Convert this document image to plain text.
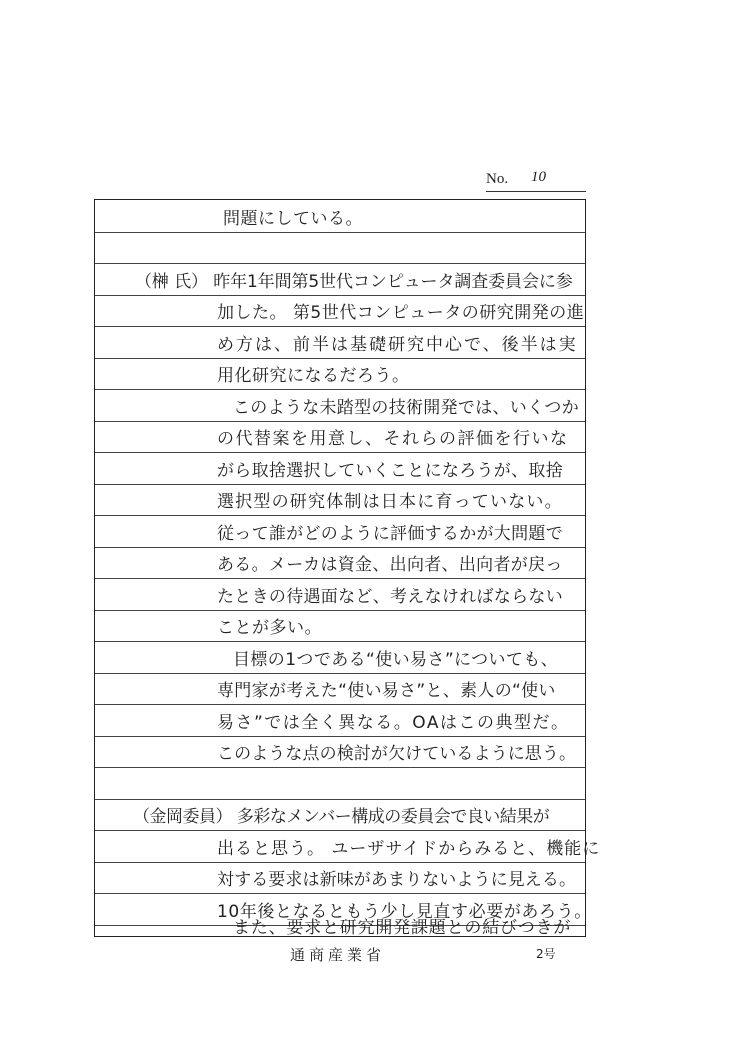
No. 10
問題にしている。
（榊 氏） 昨年1年間第5世代コンピュータ調査委員会に参
加した。 第5世代コンピュータの研究開発の進
め方は、前半は基礎研究中心で、後半は実
用化研究になるだろう。
このような未踏型の技術開発では、いくつか
の代替案を用意し、それらの評価を行いな
がら取捨選択していくことになろうが、取捨
選択型の研究体制は日本に育っていない。
従って誰がどのように評価するかが大問題で
ある。メーカは資金、出向者、出向者が戻っ
たときの待遇面など、考えなければならない
ことが多い。
目標の1つである“使い易さ”についても、
専門家が考えた“使い易さ”と、素人の“使い
易さ”では全く異なる。OAはこの典型だ。
このような点の検討が欠けているように思う。
（金岡委員） 多彩なメンバー構成の委員会で良い結果が
出ると思う。 ユーザサイドからみると、機能に
対する要求は新味があまりないように見える。
10年後となるともう少し見直す必要があろう。
また、要求と研究開発課題との結びつきが
通商産業省	2号
